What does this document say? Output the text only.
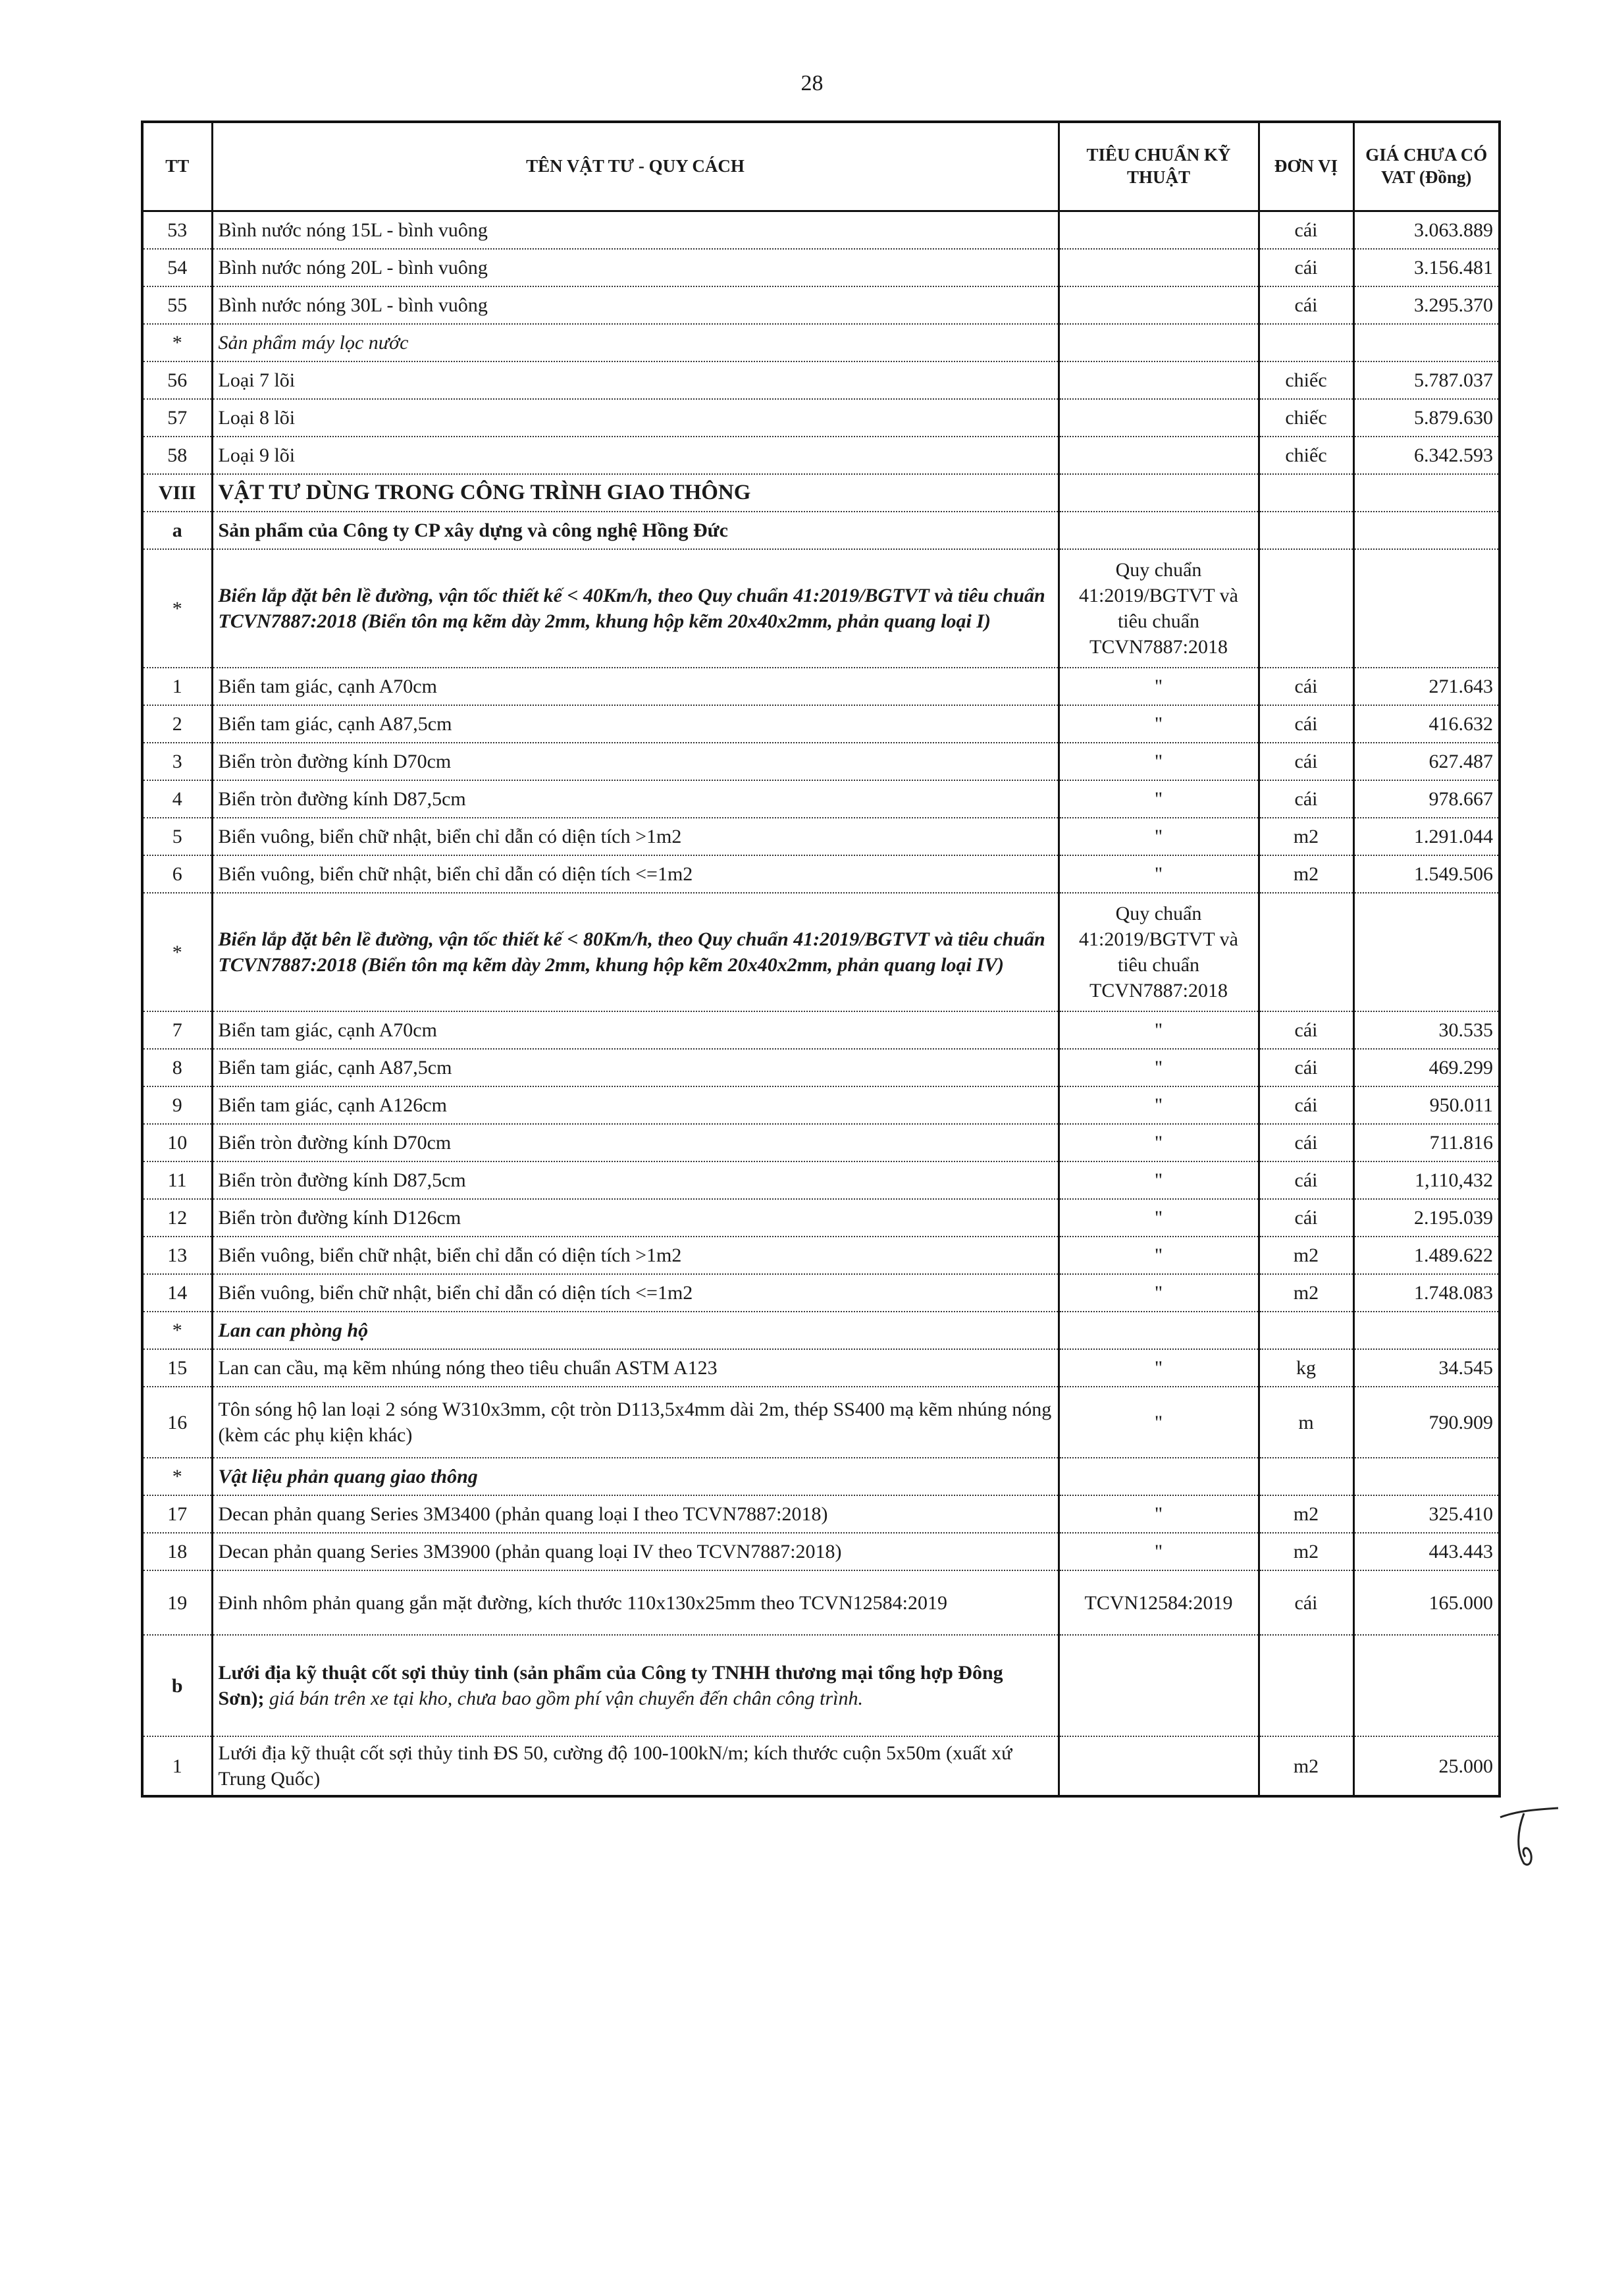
28
TT	TÊN VẬT TƯ - QUY CÁCH	TIÊU CHUẨN KỸ THUẬT	ĐƠN VỊ	GIÁ CHƯA CÓ VAT (Đồng)
53	Bình nước nóng 15L - bình vuông		cái	3.063.889
54	Bình nước nóng 20L - bình vuông		cái	3.156.481
55	Bình nước nóng 30L - bình vuông		cái	3.295.370
*	Sản phẩm máy lọc nước			
56	Loại 7 lõi		chiếc	5.787.037
57	Loại 8 lõi		chiếc	5.879.630
58	Loại 9 lõi		chiếc	6.342.593
VIII	VẬT TƯ DÙNG TRONG CÔNG TRÌNH GIAO THÔNG			
a	Sản phẩm của Công ty CP xây dựng và công nghệ Hồng Đức			
*	Biển lắp đặt bên lề đường, vận tốc thiết kế < 40Km/h, theo Quy chuẩn 41:2019/BGTVT và tiêu chuẩn TCVN7887:2018 (Biển tôn mạ kẽm dày 2mm, khung hộp kẽm 20x40x2mm, phản quang loại I)	Quy chuẩn 41:2019/BGTVT và tiêu chuẩn TCVN7887:2018		
1	Biển tam giác, cạnh A70cm	"	cái	271.643
2	Biển tam giác, cạnh A87,5cm	"	cái	416.632
3	Biển tròn đường kính D70cm	"	cái	627.487
4	Biển tròn đường kính D87,5cm	"	cái	978.667
5	Biển vuông, biển chữ nhật, biển chỉ dẫn có diện tích >1m2	"	m2	1.291.044
6	Biển vuông, biển chữ nhật, biển chỉ dẫn có diện tích <=1m2	"	m2	1.549.506
*	Biển lắp đặt bên lề đường, vận tốc thiết kế < 80Km/h, theo Quy chuẩn 41:2019/BGTVT và tiêu chuẩn TCVN7887:2018 (Biển tôn mạ kẽm dày 2mm, khung hộp kẽm 20x40x2mm, phản quang loại IV)	Quy chuẩn 41:2019/BGTVT và tiêu chuẩn TCVN7887:2018		
7	Biển tam giác, cạnh A70cm	"	cái	30.535
8	Biển tam giác, cạnh A87,5cm	"	cái	469.299
9	Biển tam giác, cạnh A126cm	"	cái	950.011
10	Biển tròn đường kính D70cm	"	cái	711.816
11	Biển tròn đường kính D87,5cm	"	cái	1,110,432
12	Biển tròn đường kính D126cm	"	cái	2.195.039
13	Biển vuông, biển chữ nhật, biển chỉ dẫn có diện tích >1m2	"	m2	1.489.622
14	Biển vuông, biển chữ nhật, biển chỉ dẫn có diện tích <=1m2	"	m2	1.748.083
*	Lan can phòng hộ			
15	Lan can cầu, mạ kẽm nhúng nóng theo tiêu chuẩn ASTM A123	"	kg	34.545
16	Tôn sóng hộ lan loại 2 sóng W310x3mm, cột tròn D113,5x4mm dài 2m, thép SS400 mạ kẽm nhúng nóng (kèm các phụ kiện khác)	"	m	790.909
*	Vật liệu phản quang giao thông			
17	Decan phản quang Series 3M3400 (phản quang loại I theo TCVN7887:2018)	"	m2	325.410
18	Decan phản quang Series 3M3900 (phản quang loại IV theo TCVN7887:2018)	"	m2	443.443
19	Đinh nhôm phản quang gắn mặt đường, kích thước 110x130x25mm theo TCVN12584:2019	TCVN12584:2019	cái	165.000
b	Lưới địa kỹ thuật cốt sợi thủy tinh (sản phẩm của Công ty TNHH thương mại tổng hợp Đông Sơn); giá bán trên xe tại kho, chưa bao gồm phí vận chuyển đến chân công trình.			
1	Lưới địa kỹ thuật cốt sợi thủy tinh ĐS 50, cường độ 100-100kN/m; kích thước cuộn 5x50m (xuất xứ Trung Quốc)		m2	25.000
